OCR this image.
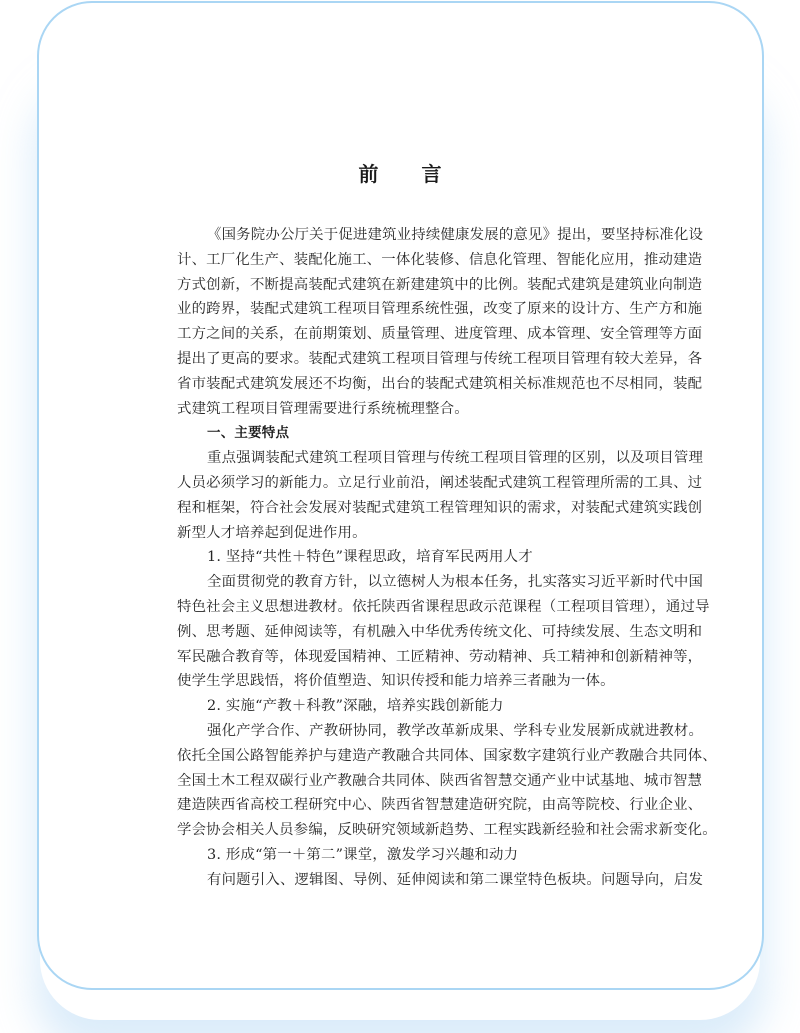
前 言
《国务院办公厅关于促进建筑业持续健康发展的意见》提出，要坚持标准化设
计、工厂化生产、装配化施工、一体化装修、信息化管理、智能化应用，推动建造
方式创新，不断提高装配式建筑在新建建筑中的比例。装配式建筑是建筑业向制造
业的跨界，装配式建筑工程项目管理系统性强，改变了原来的设计方、生产方和施
工方之间的关系，在前期策划、质量管理、进度管理、成本管理、安全管理等方面
提出了更高的要求。装配式建筑工程项目管理与传统工程项目管理有较大差异，各
省市装配式建筑发展还不均衡，出台的装配式建筑相关标准规范也不尽相同，装配
式建筑工程项目管理需要进行系统梳理整合。
一、主要特点
重点强调装配式建筑工程项目管理与传统工程项目管理的区别，以及项目管理
人员必须学习的新能力。立足行业前沿，阐述装配式建筑工程管理所需的工具、过
程和框架，符合社会发展对装配式建筑工程管理知识的需求，对装配式建筑实践创
新型人才培养起到促进作用。
1. 坚持“共性＋特色”课程思政，培育军民两用人才
全面贯彻党的教育方针，以立德树人为根本任务，扎实落实习近平新时代中国
特色社会主义思想进教材。依托陕西省课程思政示范课程（工程项目管理），通过导
例、思考题、延伸阅读等，有机融入中华优秀传统文化、可持续发展、生态文明和
军民融合教育等，体现爱国精神、工匠精神、劳动精神、兵工精神和创新精神等，
使学生学思践悟，将价值塑造、知识传授和能力培养三者融为一体。
2. 实施“产教＋科教”深融，培养实践创新能力
强化产学合作、产教研协同，教学改革新成果、学科专业发展新成就进教材。
依托全国公路智能养护与建造产教融合共同体、国家数字建筑行业产教融合共同体、
全国土木工程双碳行业产教融合共同体、陕西省智慧交通产业中试基地、城市智慧
建造陕西省高校工程研究中心、陕西省智慧建造研究院，由高等院校、行业企业、
学会协会相关人员参编，反映研究领域新趋势、工程实践新经验和社会需求新变化。
3. 形成“第一＋第二”课堂，激发学习兴趣和动力
有问题引入、逻辑图、导例、延伸阅读和第二课堂特色板块。问题导向，启发
